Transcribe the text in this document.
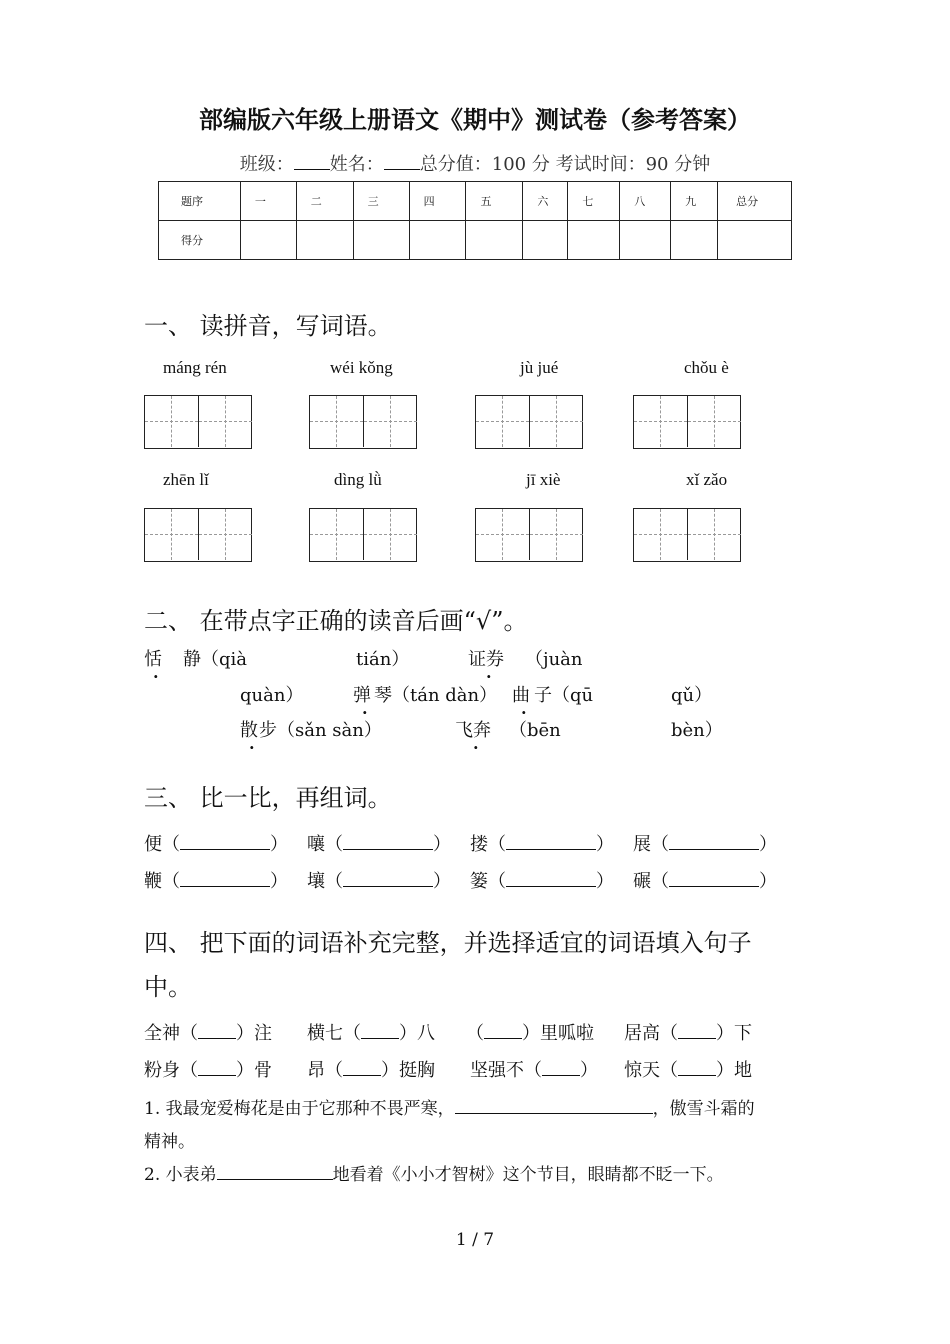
部编版六年级上册语文《期中》测试卷（参考答案）
班级： 姓名： 总分值：100 分 考试时间：90 分钟
题序	一	二	三	四	五	六	七	八	九	总分
得分										
一、 读拼音，写词语。
máng rén	wéi kǒng	jù jué	chǒu è
zhēn lǐ	dìng lǜ	jī xiè	xǐ zǎo
二、 在带点字正确的读音后画“√”。
恬 静（qià	tián）	证券 （juàn
quàn）	弹 琴（tán dàn） 曲 子（qū	qǔ）
散 步（sǎn sàn）	飞奔 （bēn	bèn）
三、 比一比，再组词。
便（	） 嚷（	） 搂（	） 展（	）
鞭（	） 壤（	） 篓（	） 碾（	）
四、 把下面的词语补充完整，并选择适宜的词语填入句子
中。
全神（ ）注 横七（ ）八 （ ）里呱啦 居高（ ）下
粉身（ ）骨 昂（ ）挺胸 坚强不（ ） 惊天（ ）地
1. 我最宠爱梅花是由于它那种不畏严寒，	，傲雪斗霜的
精神。
2. 小表弟	地看着《小小才智树》这个节目，眼睛都不眨一下。
1 / 7
